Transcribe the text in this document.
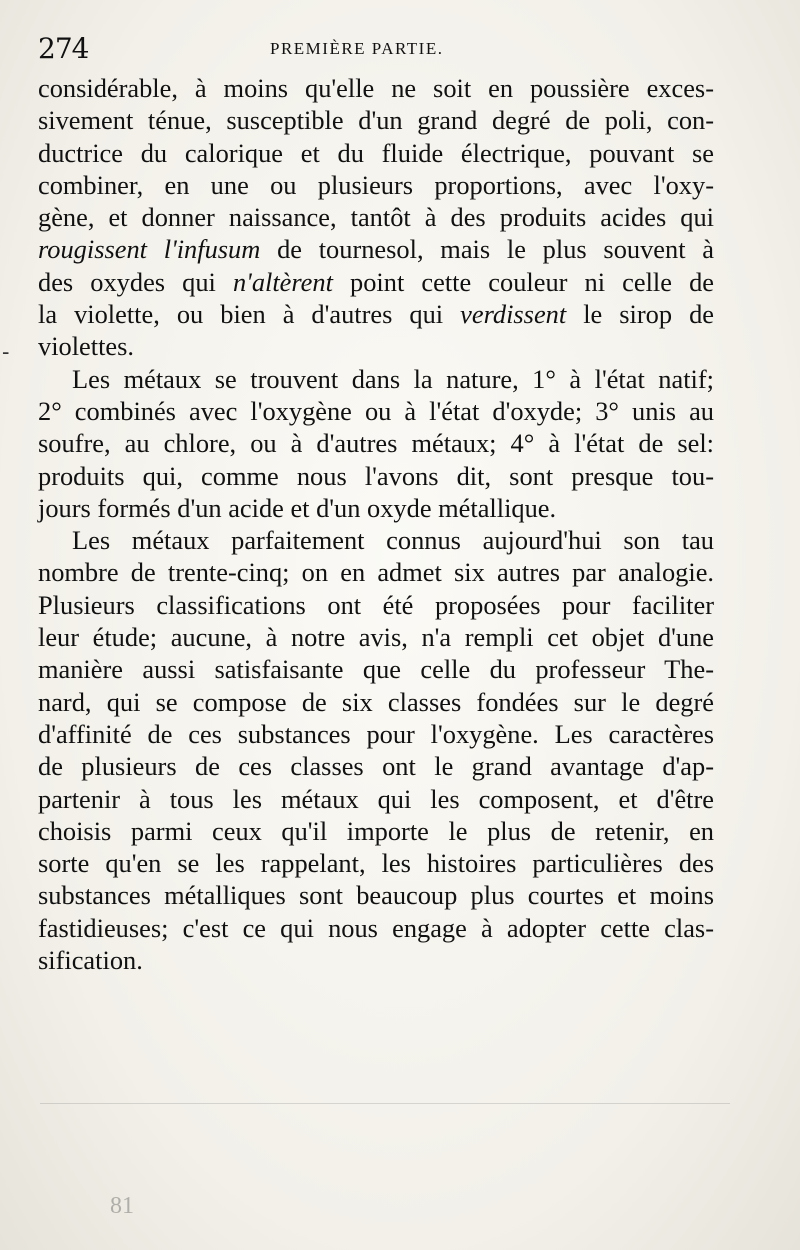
274	PREMIÈRE PARTIE.
-
considérable, à moins qu'elle ne soit en poussière exces-
sivement ténue, susceptible d'un grand degré de poli, con-
ductrice du calorique et du fluide électrique, pouvant se
combiner, en une ou plusieurs proportions, avec l'oxy-
gène, et donner naissance, tantôt à des produits acides qui
rougissent l'infusum de tournesol, mais le plus souvent à
des oxydes qui n'altèrent point cette couleur ni celle de
la violette, ou bien à d'autres qui verdissent le sirop de
violettes.
Les métaux se trouvent dans la nature, 1° à l'état natif;
2° combinés avec l'oxygène ou à l'état d'oxyde; 3° unis au
soufre, au chlore, ou à d'autres métaux; 4° à l'état de sel:
produits qui, comme nous l'avons dit, sont presque tou-
jours formés d'un acide et d'un oxyde métallique.
Les métaux parfaitement connus aujourd'hui son tau
nombre de trente-cinq; on en admet six autres par analogie.
Plusieurs classifications ont été proposées pour faciliter
leur étude; aucune, à notre avis, n'a rempli cet objet d'une
manière aussi satisfaisante que celle du professeur The-
nard, qui se compose de six classes fondées sur le degré
d'affinité de ces substances pour l'oxygène. Les caractères
de plusieurs de ces classes ont le grand avantage d'ap-
partenir à tous les métaux qui les composent, et d'être
choisis parmi ceux qu'il importe le plus de retenir, en
sorte qu'en se les rappelant, les histoires particulières des
substances métalliques sont beaucoup plus courtes et moins
fastidieuses; c'est ce qui nous engage à adopter cette clas-
sification.
81
